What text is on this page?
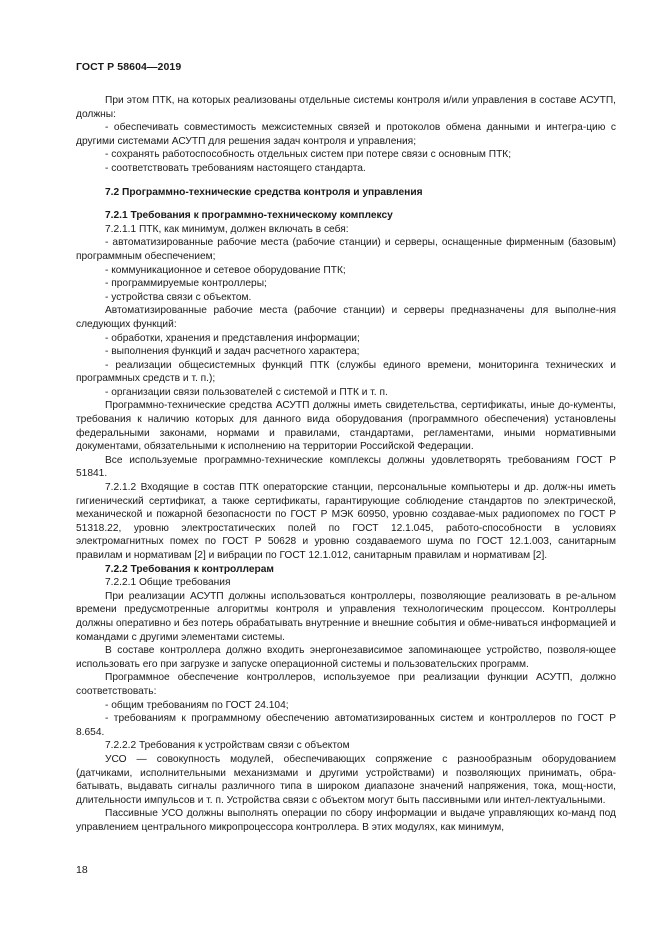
ГОСТ Р 58604—2019

При этом ПТК, на которых реализованы отдельные системы контроля и/или управления в составе АСУТП, должны:

- обеспечивать совместимость межсистемных связей и протоколов обмена данными и интегра-цию с другими системами АСУТП для решения задач контроля и управления;

- сохранять работоспособность отдельных систем при потере связи с основным ПТК;

- соответствовать требованиям настоящего стандарта.

7.2 Программно-технические средства контроля и управления

7.2.1 Требования к программно-техническому комплексу

7.2.1.1 ПТК, как минимум, должен включать в себя:

- автоматизированные рабочие места (рабочие станции) и серверы, оснащенные фирменным (базовым) программным обеспечением;

- коммуникационное и сетевое оборудование ПТК;

- программируемые контроллеры;

- устройства связи с объектом.

Автоматизированные рабочие места (рабочие станции) и серверы предназначены для выполне-ния следующих функций:

- обработки, хранения и представления информации;

- выполнения функций и задач расчетного характера;

- реализации общесистемных функций ПТК (службы единого времени, мониторинга технических и программных средств и т. п.);

- организации связи пользователей с системой и ПТК и т. п.

Программно-технические средства АСУТП должны иметь свидетельства, сертификаты, иные до-кументы, требования к наличию которых для данного вида оборудования (программного обеспечения) установлены федеральными законами, нормами и правилами, стандартами, регламентами, иными нормативными документами, обязательными к исполнению на территории Российской Федерации.

Все используемые программно-технические комплексы должны удовлетворять требованиям ГОСТ Р 51841.

7.2.1.2 Входящие в состав ПТК операторские станции, персональные компьютеры и др. долж-ны иметь гигиенический сертификат, а также сертификаты, гарантирующие соблюдение стандартов по электрической, механической и пожарной безопасности по ГОСТ Р МЭК 60950, уровню создавае-мых радиопомех по ГОСТ Р 51318.22, уровню электростатических полей по ГОСТ 12.1.045, работо-способности в условиях электромагнитных помех по ГОСТ Р 50628 и уровню создаваемого шума по ГОСТ 12.1.003, санитарным правилам и нормативам [2] и вибрации по ГОСТ 12.1.012, санитарным правилам и нормативам [2].

7.2.2 Требования к контроллерам

7.2.2.1 Общие требования

При реализации АСУТП должны использоваться контроллеры, позволяющие реализовать в ре-альном времени предусмотренные алгоритмы контроля и управления технологическим процессом. Контроллеры должны оперативно и без потерь обрабатывать внутренние и внешние события и обме-ниваться информацией и командами с другими элементами системы.

В составе контроллера должно входить энергонезависимое запоминающее устройство, позволя-ющее использовать его при загрузке и запуске операционной системы и пользовательских программ.

Программное обеспечение контроллеров, используемое при реализации функции АСУТП, должно соответствовать:

- общим требованиям по ГОСТ 24.104;

- требованиям к программному обеспечению автоматизированных систем и контроллеров по ГОСТ Р 8.654.

7.2.2.2 Требования к устройствам связи с объектом

УСО — совокупность модулей, обеспечивающих сопряжение с разнообразным оборудованием (датчиками, исполнительными механизмами и другими устройствами) и позволяющих принимать, обра-батывать, выдавать сигналы различного типа в широком диапазоне значений напряжения, тока, мощ-ности, длительности импульсов и т. п. Устройства связи с объектом могут быть пассивными или интел-лектуальными.

Пассивные УСО должны выполнять операции по сбору информации и выдаче управляющих ко-манд под управлением центрального микропроцессора контроллера. В этих модулях, как минимум,

18
